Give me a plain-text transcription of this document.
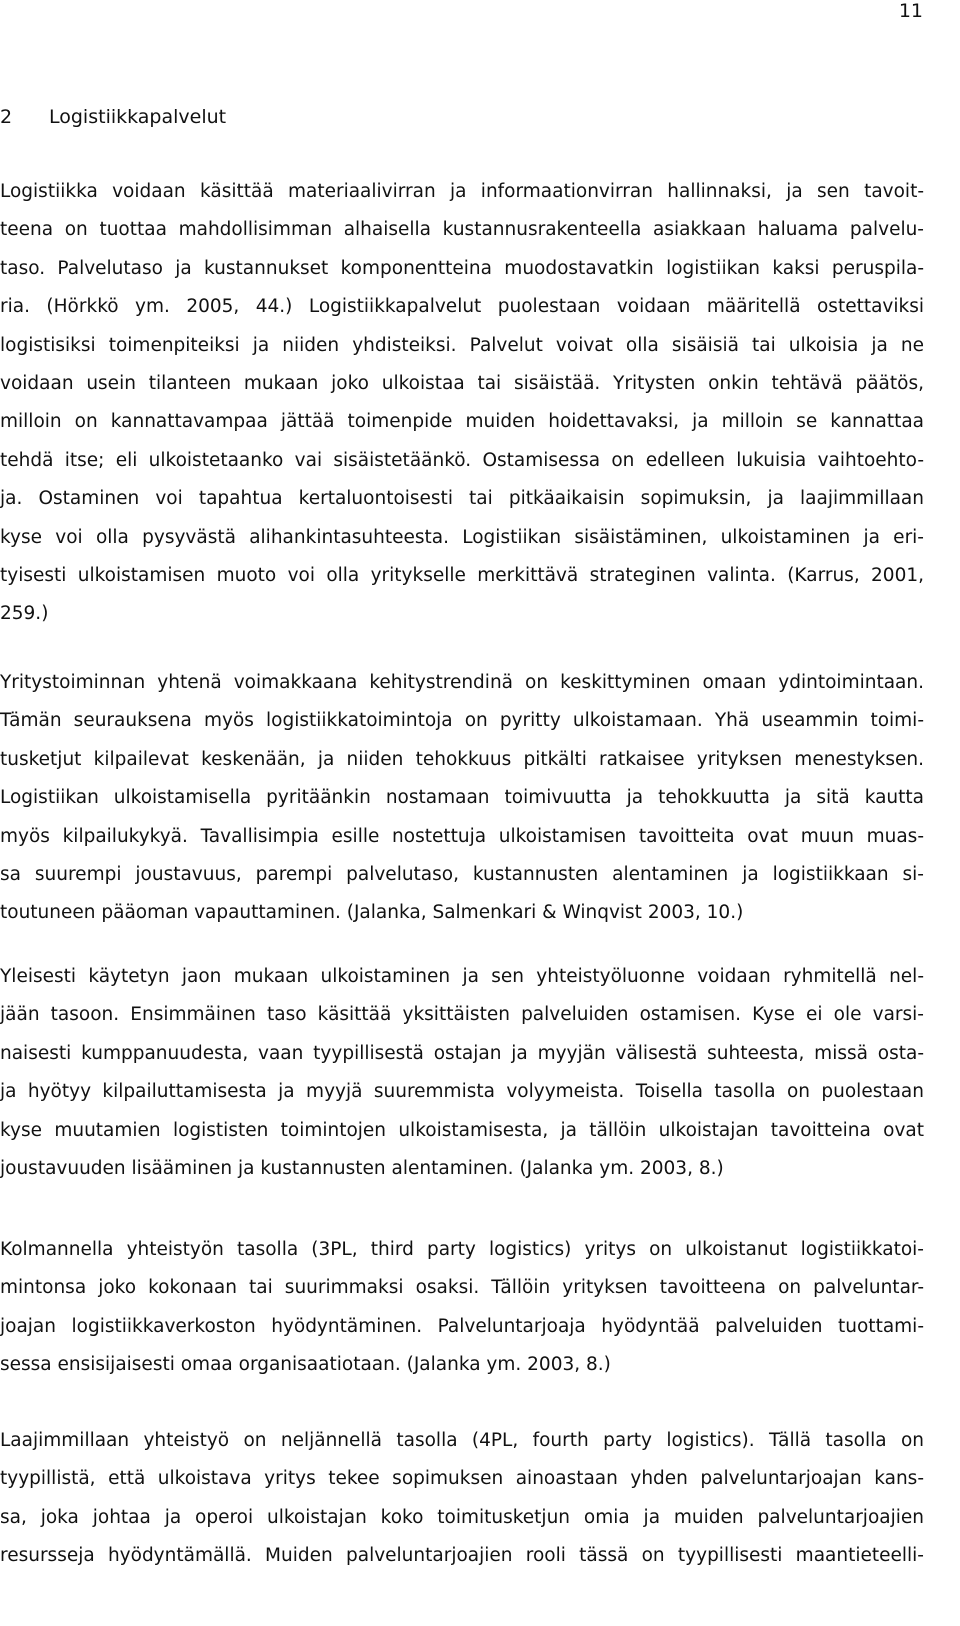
11
2 Logistiikkapalvelut
Logistiikka voidaan käsittää materiaalivirran ja informaationvirran hallinnaksi, ja sen tavoit-
teena on tuottaa mahdollisimman alhaisella kustannusrakenteella asiakkaan haluama palvelu-
taso. Palvelutaso ja kustannukset komponentteina muodostavatkin logistiikan kaksi peruspila-
ria. (Hörkkö ym. 2005, 44.) Logistiikkapalvelut puolestaan voidaan määritellä ostettaviksi
logistisiksi toimenpiteiksi ja niiden yhdisteiksi. Palvelut voivat olla sisäisiä tai ulkoisia ja ne
voidaan usein tilanteen mukaan joko ulkoistaa tai sisäistää. Yritysten onkin tehtävä päätös,
milloin on kannattavampaa jättää toimenpide muiden hoidettavaksi, ja milloin se kannattaa
tehdä itse; eli ulkoistetaanko vai sisäistetäänkö. Ostamisessa on edelleen lukuisia vaihtoehto-
ja. Ostaminen voi tapahtua kertaluontoisesti tai pitkäaikaisin sopimuksin, ja laajimmillaan
kyse voi olla pysyvästä alihankintasuhteesta. Logistiikan sisäistäminen, ulkoistaminen ja eri-
tyisesti ulkoistamisen muoto voi olla yritykselle merkittävä strateginen valinta. (Karrus, 2001,
259.)
Yritystoiminnan yhtenä voimakkaana kehitystrendinä on keskittyminen omaan ydintoimintaan.
Tämän seurauksena myös logistiikkatoimintoja on pyritty ulkoistamaan. Yhä useammin toimi-
tusketjut kilpailevat keskenään, ja niiden tehokkuus pitkälti ratkaisee yrityksen menestyksen.
Logistiikan ulkoistamisella pyritäänkin nostamaan toimivuutta ja tehokkuutta ja sitä kautta
myös kilpailukykyä. Tavallisimpia esille nostettuja ulkoistamisen tavoitteita ovat muun muas-
sa suurempi joustavuus, parempi palvelutaso, kustannusten alentaminen ja logistiikkaan si-
toutuneen pääoman vapauttaminen. (Jalanka, Salmenkari & Winqvist 2003, 10.)
Yleisesti käytetyn jaon mukaan ulkoistaminen ja sen yhteistyöluonne voidaan ryhmitellä nel-
jään tasoon. Ensimmäinen taso käsittää yksittäisten palveluiden ostamisen. Kyse ei ole varsi-
naisesti kumppanuudesta, vaan tyypillisestä ostajan ja myyjän välisestä suhteesta, missä osta-
ja hyötyy kilpailuttamisesta ja myyjä suuremmista volyymeista. Toisella tasolla on puolestaan
kyse muutamien logististen toimintojen ulkoistamisesta, ja tällöin ulkoistajan tavoitteina ovat
joustavuuden lisääminen ja kustannusten alentaminen. (Jalanka ym. 2003, 8.)
Kolmannella yhteistyön tasolla (3PL, third party logistics) yritys on ulkoistanut logistiikkatoi-
mintonsa joko kokonaan tai suurimmaksi osaksi. Tällöin yrityksen tavoitteena on palveluntar-
joajan logistiikkaverkoston hyödyntäminen. Palveluntarjoaja hyödyntää palveluiden tuottami-
sessa ensisijaisesti omaa organisaatiotaan. (Jalanka ym. 2003, 8.)
Laajimmillaan yhteistyö on neljännellä tasolla (4PL, fourth party logistics). Tällä tasolla on
tyypillistä, että ulkoistava yritys tekee sopimuksen ainoastaan yhden palveluntarjoajan kans-
sa, joka johtaa ja operoi ulkoistajan koko toimitusketjun omia ja muiden palveluntarjoajien
resursseja hyödyntämällä. Muiden palveluntarjoajien rooli tässä on tyypillisesti maantieteelli-
